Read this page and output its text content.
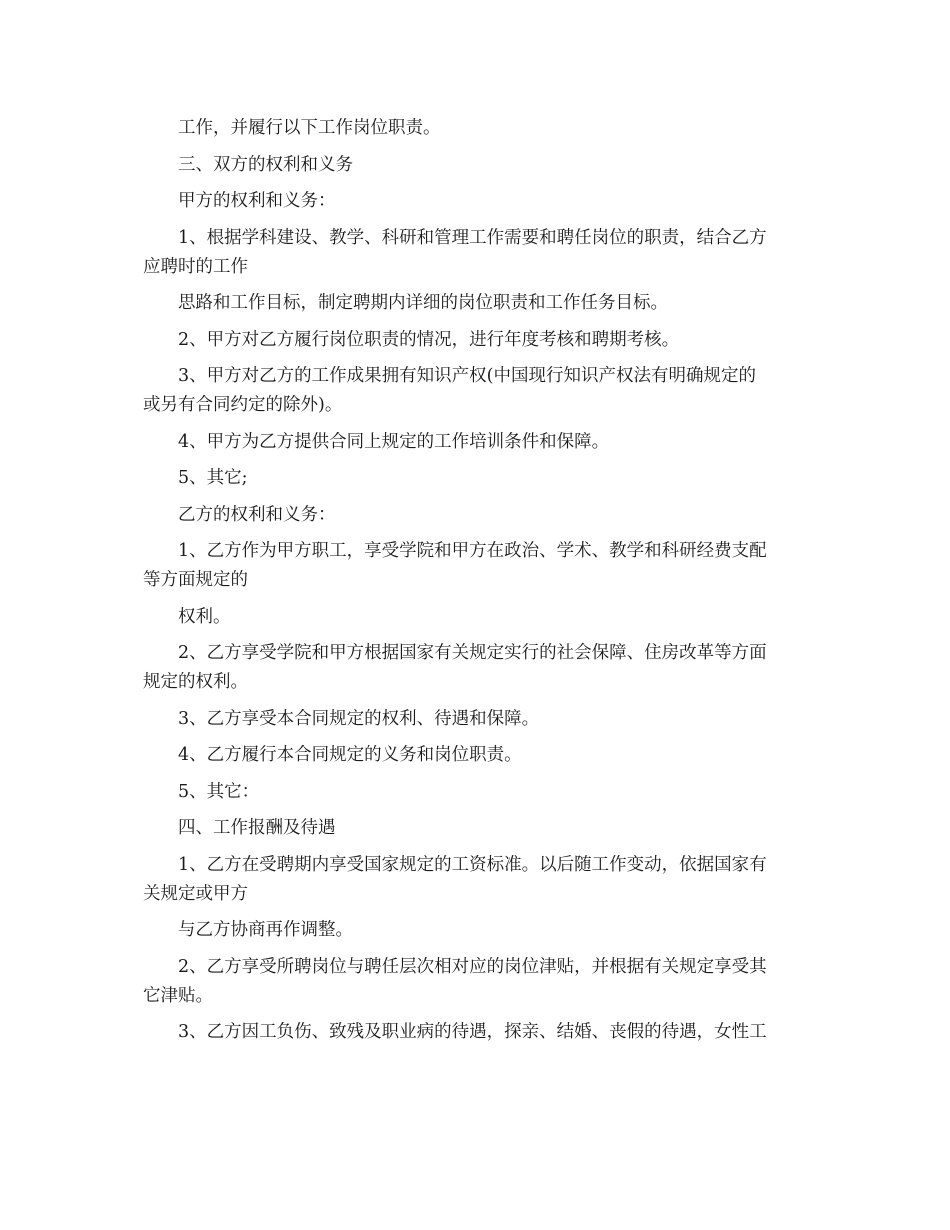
工作，并履行以下工作岗位职责。

三、双方的权利和义务

甲方的权利和义务：

1、根据学科建设、教学、科研和管理工作需要和聘任岗位的职责，结合乙方
应聘时的工作

思路和工作目标，制定聘期内详细的岗位职责和工作任务目标。

2、甲方对乙方履行岗位职责的情况，进行年度考核和聘期考核。

3、甲方对乙方的工作成果拥有知识产权(中国现行知识产权法有明确规定的
或另有合同约定的除外)。

4、甲方为乙方提供合同上规定的工作培训条件和保障。

5、其它;

乙方的权利和义务：

1、乙方作为甲方职工，享受学院和甲方在政治、学术、教学和科研经费支配
等方面规定的

权利。

2、乙方享受学院和甲方根据国家有关规定实行的社会保障、住房改革等方面
规定的权利。

3、乙方享受本合同规定的权利、待遇和保障。

4、乙方履行本合同规定的义务和岗位职责。

5、其它：

四、工作报酬及待遇

1、乙方在受聘期内享受国家规定的工资标准。以后随工作变动，依据国家有
关规定或甲方

与乙方协商再作调整。

2、乙方享受所聘岗位与聘任层次相对应的岗位津贴，并根据有关规定享受其
它津贴。

3、乙方因工负伤、致残及职业病的待遇，探亲、结婚、丧假的待遇，女性工
